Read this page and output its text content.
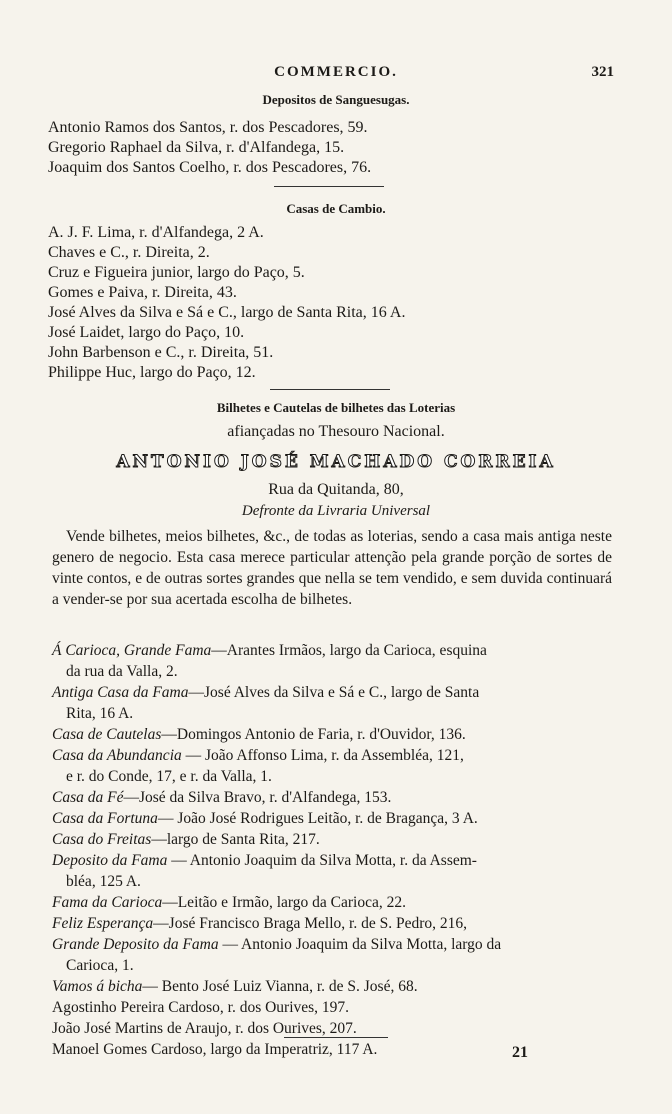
COMMERCIO.	321
Depositos de Sanguesugas.
Antonio Ramos dos Santos, r. dos Pescadores, 59.
Gregorio Raphael da Silva, r. d'Alfandega, 15.
Joaquim dos Santos Coelho, r. dos Pescadores, 76.
Casas de Cambio.
A. J. F. Lima, r. d'Alfandega, 2 A.
Chaves e C., r. Direita, 2.
Cruz e Figueira junior, largo do Paço, 5.
Gomes e Paiva, r. Direita, 43.
José Alves da Silva e Sá e C., largo de Santa Rita, 16 A.
José Laidet, largo do Paço, 10.
John Barbenson e C., r. Direita, 51.
Philippe Huc, largo do Paço, 12.
Bilhetes e Cautelas de bilhetes das Loterias
afiançadas no Thesouro Nacional.
ANTONIO JOSÉ MACHADO CORREIA
Rua da Quitanda, 80,
Defronte da Livraria Universal
Vende bilhetes, meios bilhetes, &c., de todas as loterias, sendo a casa mais antiga neste genero de negocio. Esta casa merece particular attenção pela grande porção de sortes de vinte contos, e de outras sortes grandes que nella se tem vendido, e sem duvida continuará a vender-se por sua acertada escolha de bilhetes.
Á Carioca, Grande Fama—Arantes Irmãos, largo da Carioca, esquina
da rua da Valla, 2.
Antiga Casa da Fama—José Alves da Silva e Sá e C., largo de Santa
Rita, 16 A.
Casa de Cautelas—Domingos Antonio de Faria, r. d'Ouvidor, 136.
Casa da Abundancia — João Affonso Lima, r. da Assembléa, 121,
e r. do Conde, 17, e r. da Valla, 1.
Casa da Fé—José da Silva Bravo, r. d'Alfandega, 153.
Casa da Fortuna— João José Rodrigues Leitão, r. de Bragança, 3 A.
Casa do Freitas—largo de Santa Rita, 217.
Deposito da Fama — Antonio Joaquim da Silva Motta, r. da Assem-
bléa, 125 A.
Fama da Carioca—Leitão e Irmão, largo da Carioca, 22.
Feliz Esperança—José Francisco Braga Mello, r. de S. Pedro, 216,
Grande Deposito da Fama — Antonio Joaquim da Silva Motta, largo da
Carioca, 1.
Vamos á bicha— Bento José Luiz Vianna, r. de S. José, 68.
Agostinho Pereira Cardoso, r. dos Ourives, 197.
João José Martins de Araujo, r. dos Ourives, 207.
Manoel Gomes Cardoso, largo da Imperatriz, 117 A.	21
